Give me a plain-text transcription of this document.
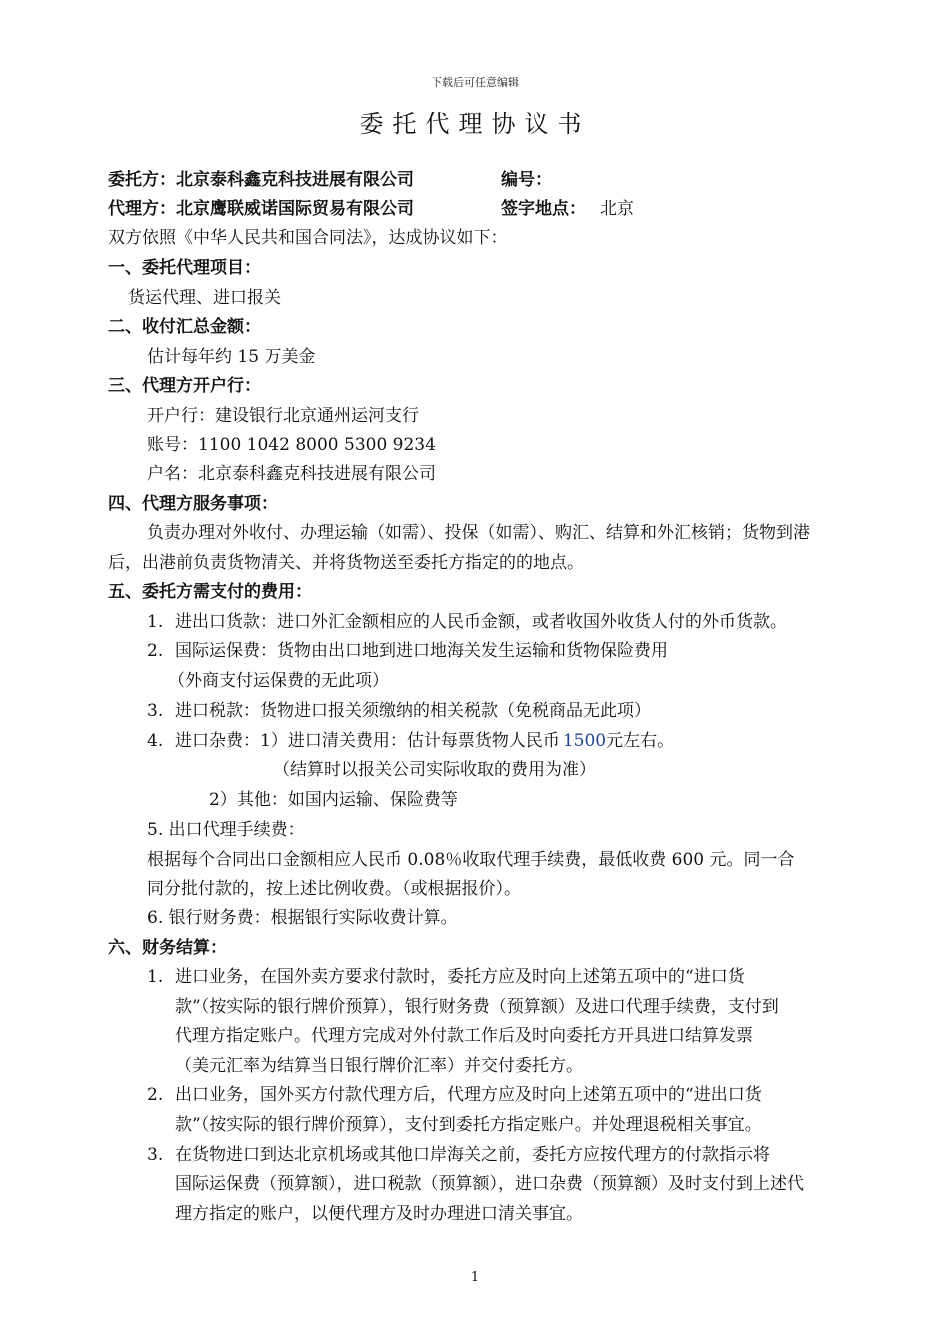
下载后可任意编辑
委托代理协议书
委托方：北京泰科鑫克科技进展有限公司	编号：
代理方：北京鹰联威诺国际贸易有限公司	签字地点： 北京
双方依照《中华人民共和国合同法》，达成协议如下：
一、委托代理项目：
货运代理、进口报关
二、收付汇总金额：
估计每年约 15 万美金
三、代理方开户行：
开户行：建设银行北京通州运河支行
账号：1100 1042 8000 5300 9234
户名：北京泰科鑫克科技进展有限公司
四、代理方服务事项：
负责办理对外收付、办理运输（如需）、投保（如需）、购汇、结算和外汇核销；货物到港
后，出港前负责货物清关、并将货物送至委托方指定的的地点。
五、委托方需支付的费用：
1. 进出口货款：进口外汇金额相应的人民币金额，或者收国外收货人付的外币货款。
2. 国际运保费：货物由出口地到进口地海关发生运输和货物保险费用
（外商支付运保费的无此项）
3. 进口税款：货物进口报关须缴纳的相关税款（免税商品无此项）
4. 进口杂费：1）进口清关费用：估计每票货物人民币 1500元左右。
（结算时以报关公司实际收取的费用为准）
2）其他：如国内运输、保险费等
5. 出口代理手续费：
根据每个合同出口金额相应人民币 0.08％收取代理手续费，最低收费 600 元。同一合
同分批付款的，按上述比例收费。（或根据报价）。
6. 银行财务费：根据银行实际收费计算。
六、财务结算：
1. 进口业务，在国外卖方要求付款时，委托方应及时向上述第五项中的“进口货
款”（按实际的银行牌价预算），银行财务费（预算额）及进口代理手续费，支付到
代理方指定账户。代理方完成对外付款工作后及时向委托方开具进口结算发票
（美元汇率为结算当日银行牌价汇率）并交付委托方。
2. 出口业务，国外买方付款代理方后，代理方应及时向上述第五项中的“进出口货
款”（按实际的银行牌价预算），支付到委托方指定账户。并处理退税相关事宜。
3. 在货物进口到达北京机场或其他口岸海关之前，委托方应按代理方的付款指示将
国际运保费（预算额），进口税款（预算额），进口杂费（预算额）及时支付到上述代
理方指定的账户，以便代理方及时办理进口清关事宜。
1
